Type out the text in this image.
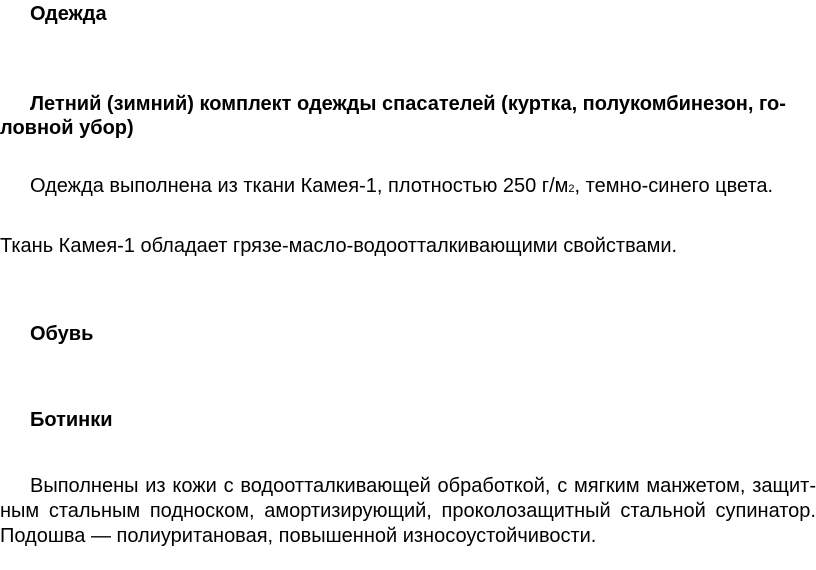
Одежда
Летний (зимний) комплект одежды спасателей (куртка, полукомбинезон, го-
ловной убор)
Одежда выполнена из ткани Камея-1, плотностью 250 г/м2, темно-синего цвета.
Ткань Камея-1 обладает грязе-масло-водоотталкивающими свойствами.
Обувь
Ботинки
Выполнены из кожи с водоотталкивающей обработкой, с мягким манжетом, защит-ным стальным подноском, амортизирующий, проколозащитный стальной супинатор. Подошва — полиуритановая, повышенной износоустойчивости.
